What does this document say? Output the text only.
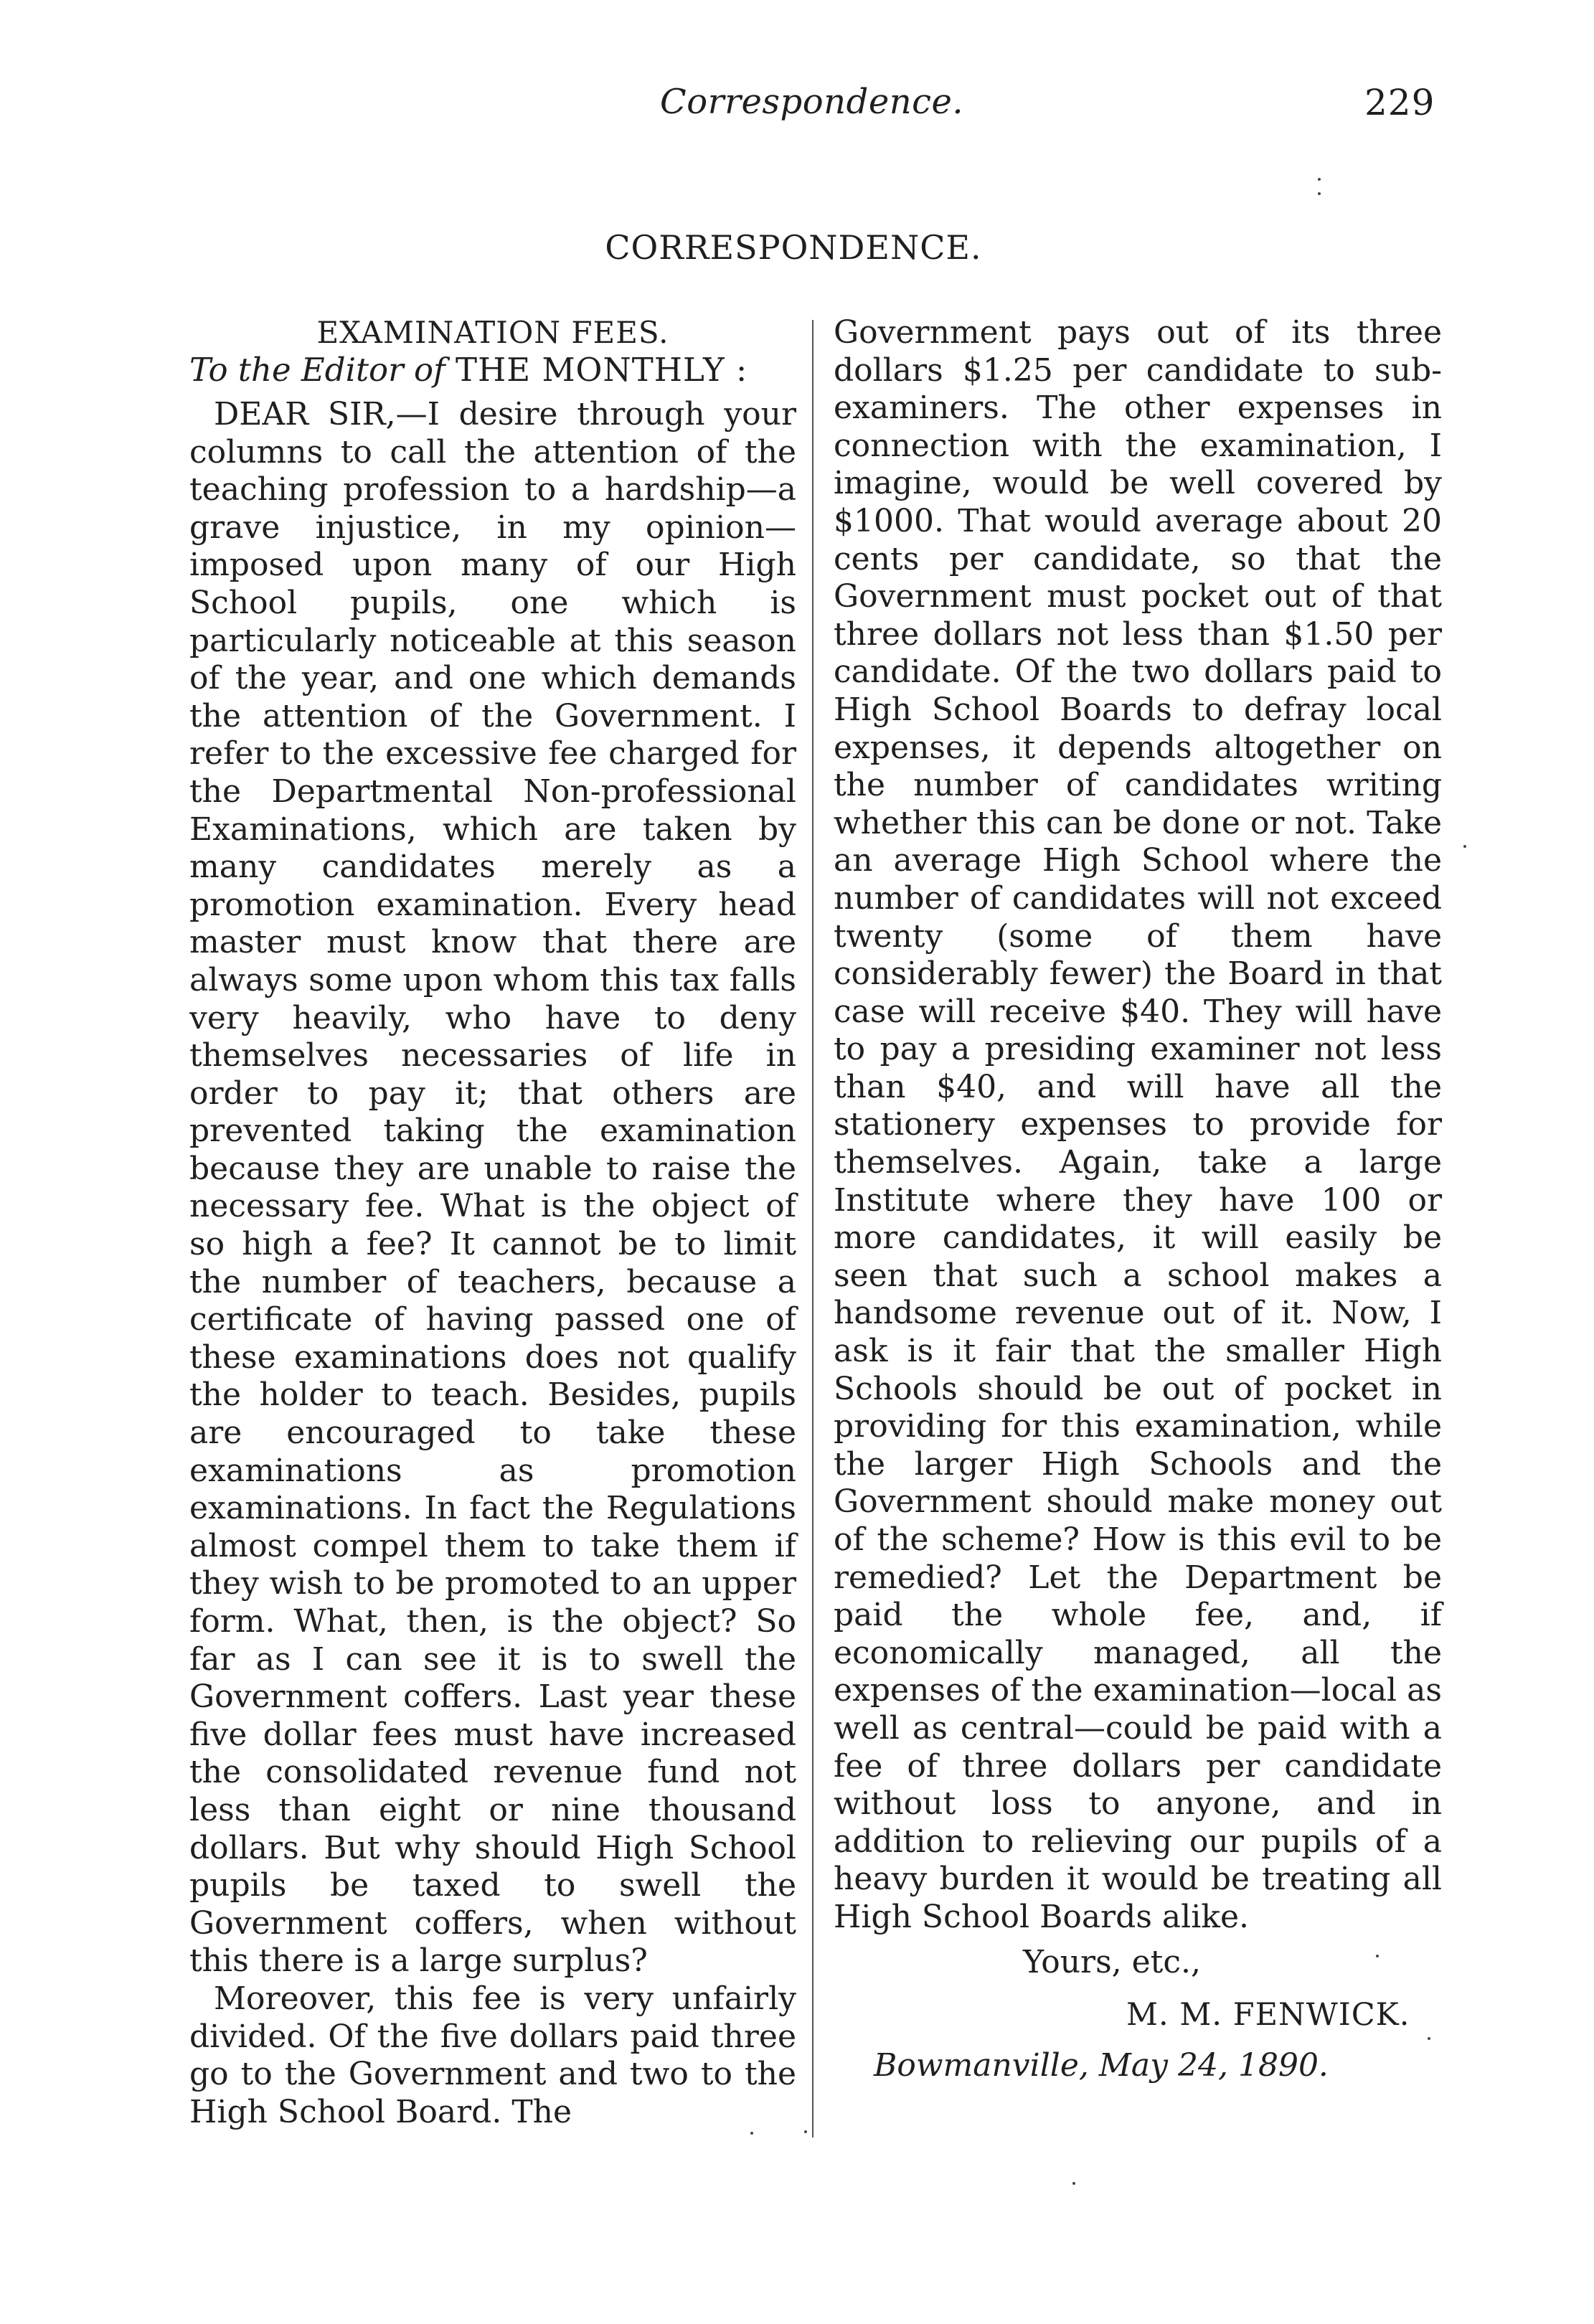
Correspondence.	229
CORRESPONDENCE.
EXAMINATION FEES.
To the Editor of THE MONTHLY :

DEAR SIR,—I desire through your columns to call the attention of the teaching profession to a hardship—a grave injustice, in my opinion—imposed upon many of our High School pupils, one which is particularly noticeable at this season of the year, and one which demands the attention of the Government. I refer to the excessive fee charged for the Departmental Non-professional Examinations, which are taken by many candidates merely as a promotion examination. Every head master must know that there are always some upon whom this tax falls very heavily, who have to deny themselves necessaries of life in order to pay it; that others are prevented taking the examination because they are unable to raise the necessary fee. What is the object of so high a fee? It cannot be to limit the number of teachers, because a certificate of having passed one of these examinations does not qualify the holder to teach. Besides, pupils are encouraged to take these examinations as promotion examinations. In fact the Regulations almost compel them to take them if they wish to be promoted to an upper form. What, then, is the object? So far as I can see it is to swell the Government coffers. Last year these five dollar fees must have increased the consolidated revenue fund not less than eight or nine thousand dollars. But why should High School pupils be taxed to swell the Government coffers, when without this there is a large surplus?

Moreover, this fee is very unfairly divided. Of the five dollars paid three go to the Government and two to the High School Board. The

Government pays out of its three dollars $1.25 per candidate to sub-examiners. The other expenses in connection with the examination, I imagine, would be well covered by $1000. That would average about 20 cents per candidate, so that the Government must pocket out of that three dollars not less than $1.50 per candidate. Of the two dollars paid to High School Boards to defray local expenses, it depends altogether on the number of candidates writing whether this can be done or not. Take an average High School where the number of candidates will not exceed twenty (some of them have considerably fewer) the Board in that case will receive $40. They will have to pay a presiding examiner not less than $40, and will have all the stationery expenses to provide for themselves. Again, take a large Institute where they have 100 or more candidates, it will easily be seen that such a school makes a handsome revenue out of it. Now, I ask is it fair that the smaller High Schools should be out of pocket in providing for this examination, while the larger High Schools and the Government should make money out of the scheme? How is this evil to be remedied? Let the Department be paid the whole fee, and, if economically managed, all the expenses of the examination—local as well as central—could be paid with a fee of three dollars per candidate without loss to anyone, and in addition to relieving our pupils of a heavy burden it would be treating all High School Boards alike.

Yours, etc.,
M. M. FENWICK.
Bowmanville, May 24, 1890.
